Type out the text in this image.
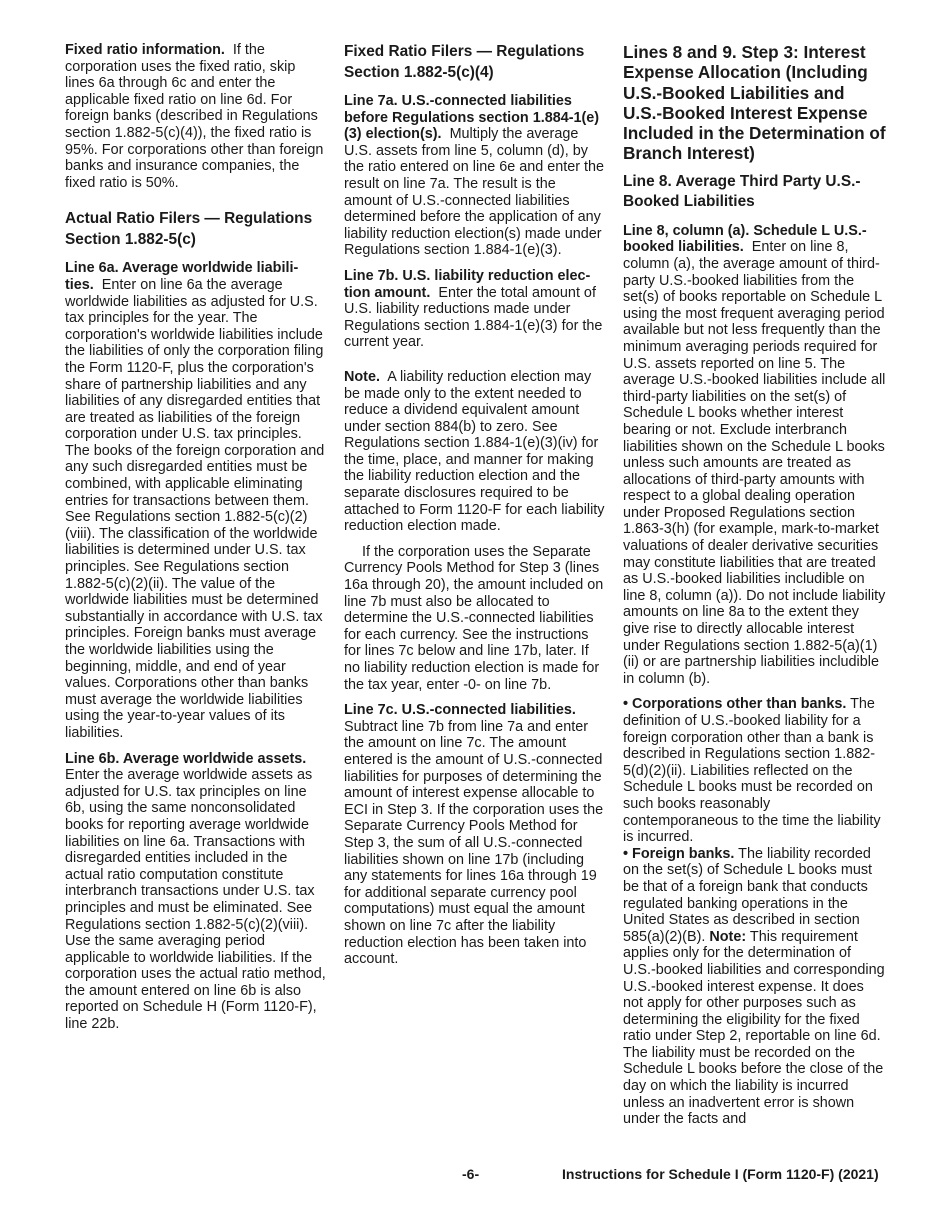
Fixed ratio information. If the corporation uses the fixed ratio, skip lines 6a through 6c and enter the applicable fixed ratio on line 6d. For foreign banks (described in Regulations section 1.882-5(c)(4)), the fixed ratio is 95%. For corporations other than foreign banks and insurance companies, the fixed ratio is 50%.

Actual Ratio Filers — Regulations Section 1.882-5(c)

Line 6a. Average worldwide liabili-ties. Enter on line 6a the average worldwide liabilities as adjusted for U.S. tax principles for the year. The corporation's worldwide liabilities include the liabilities of only the corporation filing the Form 1120-F, plus the corporation's share of partnership liabilities and any liabilities of any disregarded entities that are treated as liabilities of the foreign corporation under U.S. tax principles. The books of the foreign corporation and any such disregarded entities must be combined, with applicable eliminating entries for transactions between them. See Regulations section 1.882-5(c)(2)(viii). The classification of the worldwide liabilities is determined under U.S. tax principles. See Regulations section 1.882-5(c)(2)(ii). The value of the worldwide liabilities must be determined substantially in accordance with U.S. tax principles. Foreign banks must average the worldwide liabilities using the beginning, middle, and end of year values. Corporations other than banks must average the worldwide liabilities using the year-to-year values of its liabilities.

Line 6b. Average worldwide assets. Enter the average worldwide assets as adjusted for U.S. tax principles on line 6b, using the same nonconsolidated books for reporting average worldwide liabilities on line 6a. Transactions with disregarded entities included in the actual ratio computation constitute interbranch transactions under U.S. tax principles and must be eliminated. See Regulations section 1.882-5(c)(2)(viii). Use the same averaging period applicable to worldwide liabilities. If the corporation uses the actual ratio method, the amount entered on line 6b is also reported on Schedule H (Form 1120-F), line 22b.

Fixed Ratio Filers — Regulations Section 1.882-5(c)(4)

Line 7a. U.S.-connected liabilities before Regulations section 1.884-1(e)(3) election(s). Multiply the average U.S. assets from line 5, column (d), by the ratio entered on line 6e and enter the result on line 7a. The result is the amount of U.S.-connected liabilities determined before the application of any liability reduction election(s) made under Regulations section 1.884-1(e)(3).

Line 7b. U.S. liability reduction elec-tion amount. Enter the total amount of U.S. liability reductions made under Regulations section 1.884-1(e)(3) for the current year.

Note. A liability reduction election may be made only to the extent needed to reduce a dividend equivalent amount under section 884(b) to zero. See Regulations section 1.884-1(e)(3)(iv) for the time, place, and manner for making the liability reduction election and the separate disclosures required to be attached to Form 1120-F for each liability reduction election made.

If the corporation uses the Separate Currency Pools Method for Step 3 (lines 16a through 20), the amount included on line 7b must also be allocated to determine the U.S.-connected liabilities for each currency. See the instructions for lines 7c below and line 17b, later. If no liability reduction election is made for the tax year, enter -0- on line 7b.

Line 7c. U.S.-connected liabilities. Subtract line 7b from line 7a and enter the amount on line 7c. The amount entered is the amount of U.S.-connected liabilities for purposes of determining the amount of interest expense allocable to ECI in Step 3. If the corporation uses the Separate Currency Pools Method for Step 3, the sum of all U.S.-connected liabilities shown on line 17b (including any statements for lines 16a through 19 for additional separate currency pool computations) must equal the amount shown on line 7c after the liability reduction election has been taken into account.

Lines 8 and 9. Step 3: Interest Expense Allocation (Including U.S.-Booked Liabilities and U.S.-Booked Interest Expense Included in the Determination of Branch Interest)
Line 8. Average Third Party U.S.-Booked Liabilities

Line 8, column (a). Schedule L U.S.-booked liabilities. Enter on line 8, column (a), the average amount of third-party U.S.-booked liabilities from the set(s) of books reportable on Schedule L using the most frequent averaging period available but not less frequently than the minimum averaging periods required for U.S. assets reported on line 5. The average U.S.-booked liabilities include all third-party liabilities on the set(s) of Schedule L books whether interest bearing or not. Exclude interbranch liabilities shown on the Schedule L books unless such amounts are treated as allocations of third-party amounts with respect to a global dealing operation under Proposed Regulations section 1.863-3(h) (for example, mark-to-market valuations of dealer derivative securities may constitute liabilities that are treated as U.S.-booked liabilities includible on line 8, column (a)). Do not include liability amounts on line 8a to the extent they give rise to directly allocable interest under Regulations section 1.882-5(a)(1)(ii) or are partnership liabilities includible in column (b).

• Corporations other than banks. The definition of U.S.-booked liability for a foreign corporation other than a bank is described in Regulations section 1.882-5(d)(2)(ii). Liabilities reflected on the Schedule L books must be recorded on such books reasonably contemporaneous to the time the liability is incurred.

• Foreign banks. The liability recorded on the set(s) of Schedule L books must be that of a foreign bank that conducts regulated banking operations in the United States as described in section 585(a)(2)(B). Note: This requirement applies only for the determination of U.S.-booked liabilities and corresponding U.S.-booked interest expense. It does not apply for other purposes such as determining the eligibility for the fixed ratio under Step 2, reportable on line 6d. The liability must be recorded on the Schedule L books before the close of the day on which the liability is incurred unless an inadvertent error is shown under the facts and

-6-	Instructions for Schedule I (Form 1120-F) (2021)
